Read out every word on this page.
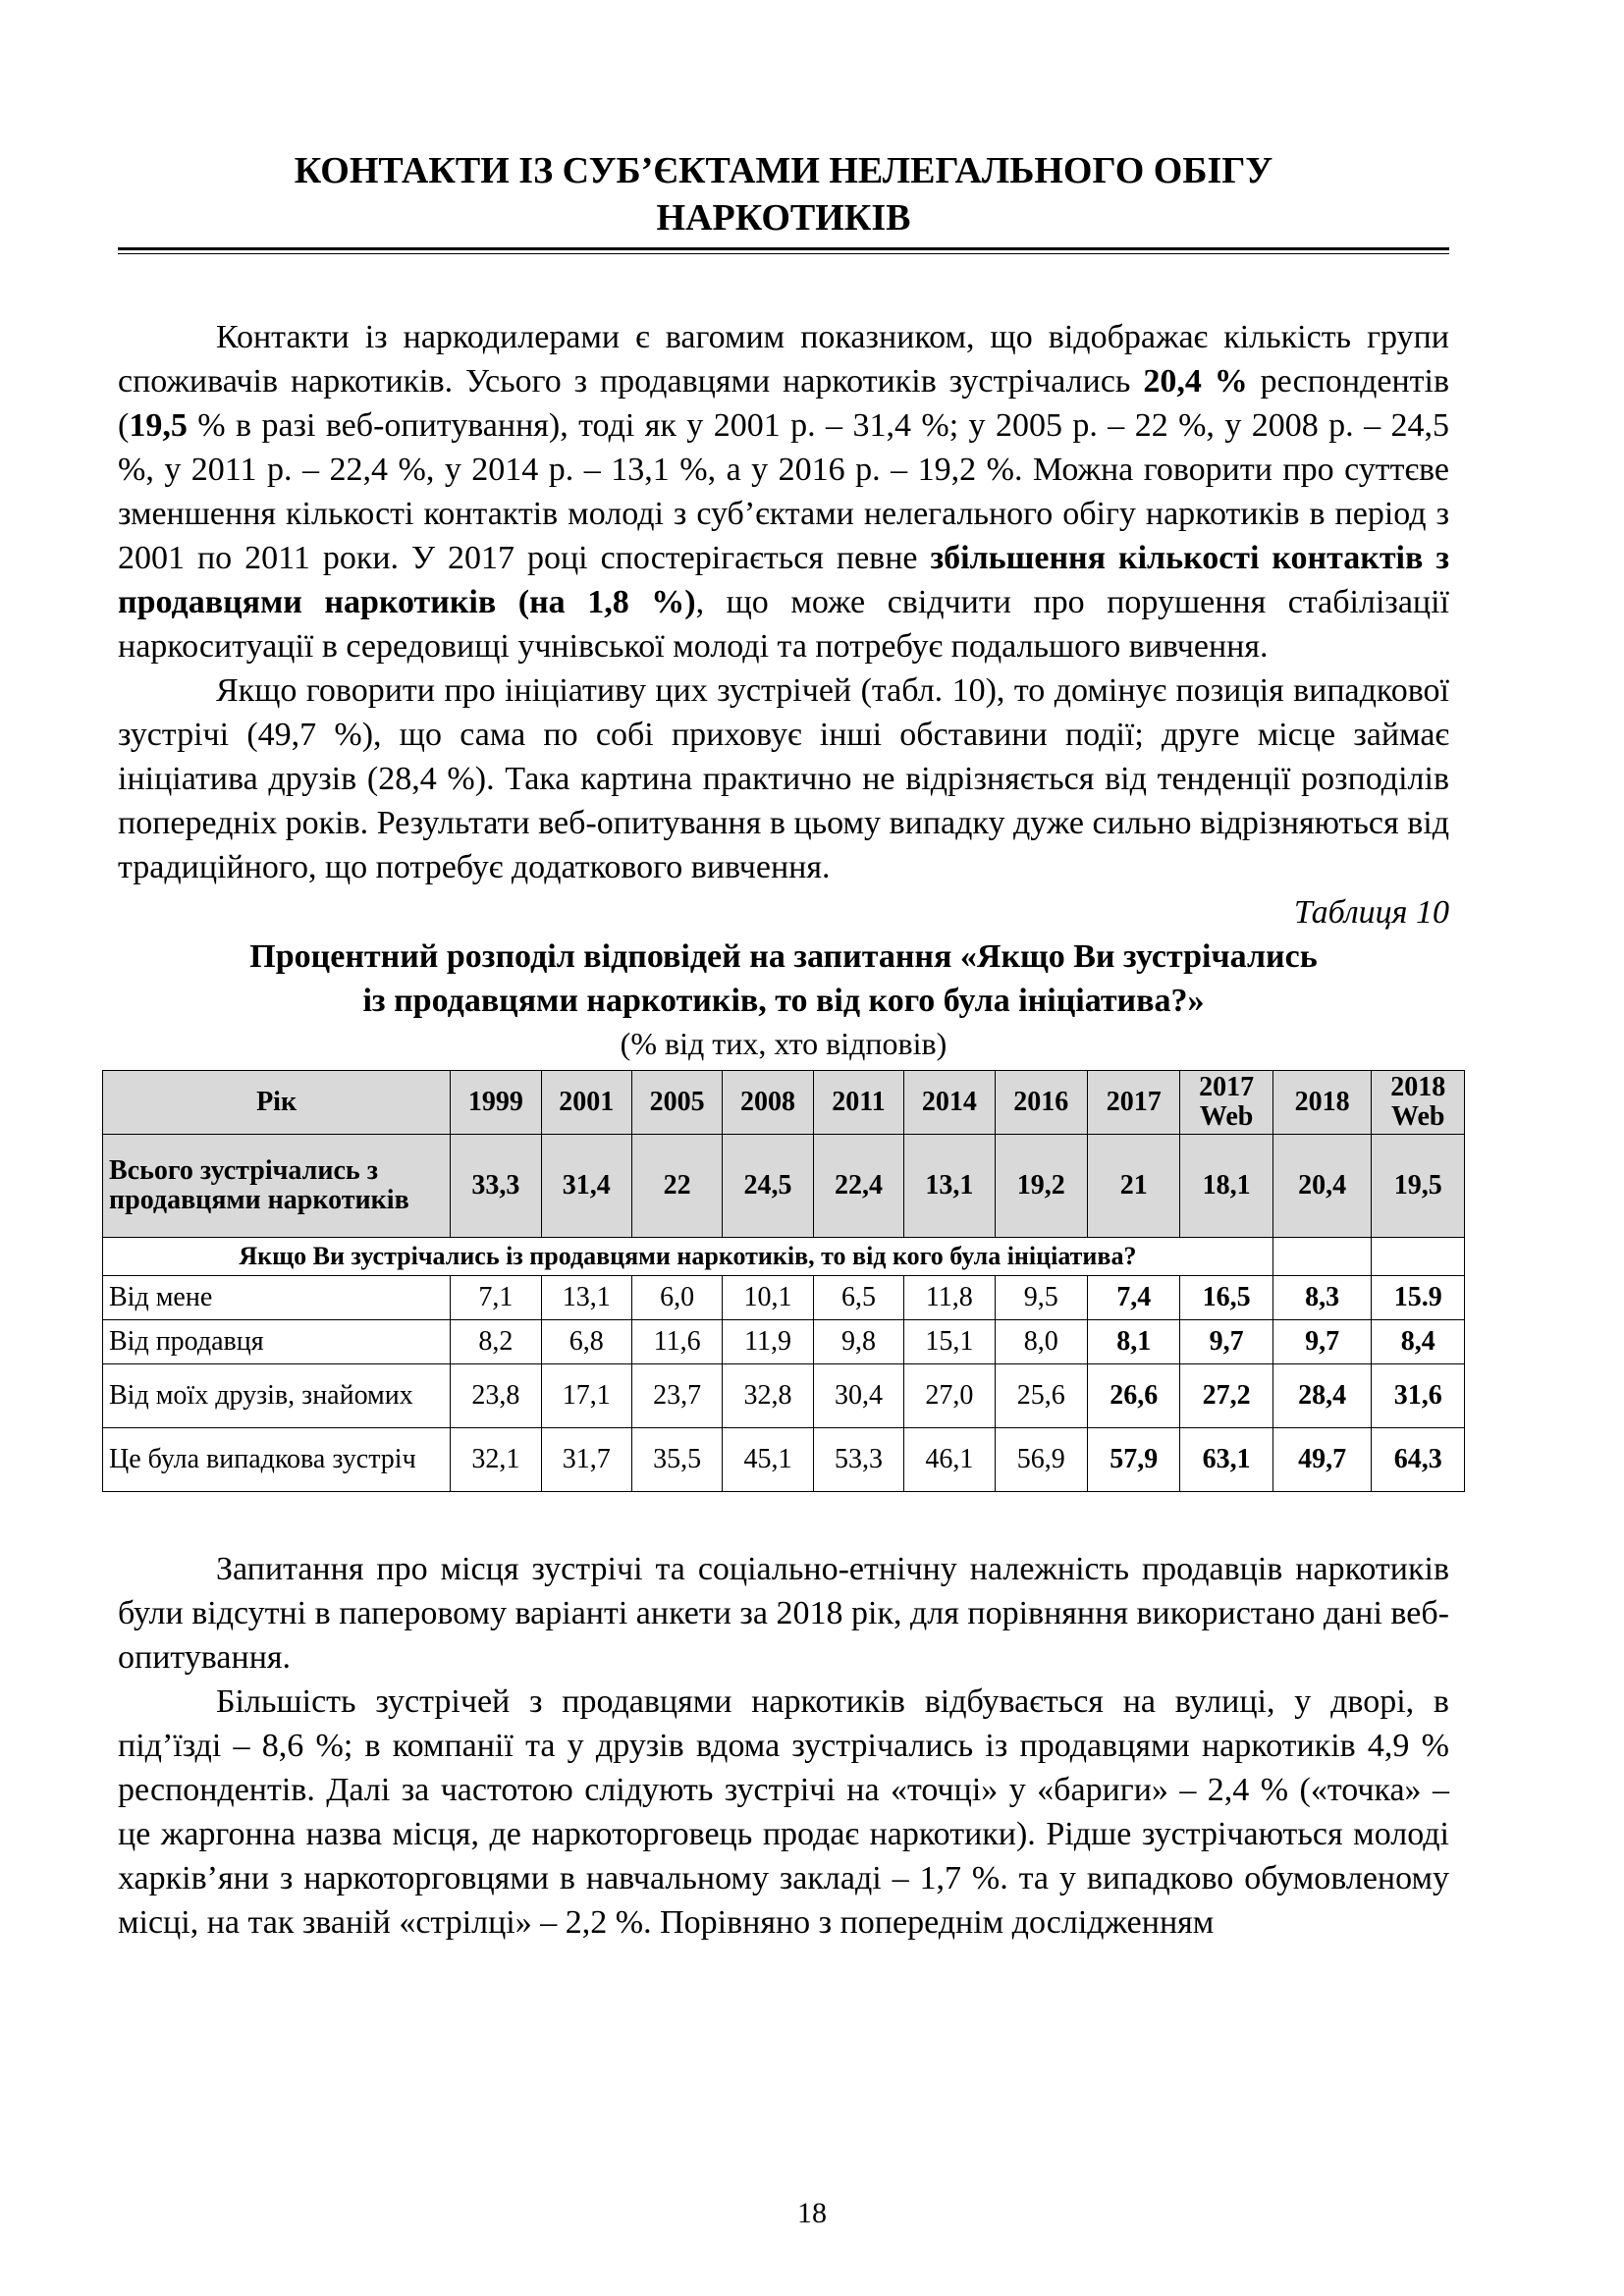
КОНТАКТИ ІЗ СУБ’ЄКТАМИ НЕЛЕГАЛЬНОГО ОБІГУ
НАРКОТИКІВ

Контакти із наркодилерами є вагомим показником, що відображає кількість групи споживачів наркотиків. Усього з продавцями наркотиків зустрічались 20,4 % респондентів (19,5 % в разі веб-опитування), тоді як у 2001 р. – 31,4 %; у 2005 р. – 22 %, у 2008 р. – 24,5 %, у 2011 р. – 22,4 %, у 2014 р. – 13,1 %, а у 2016 р. – 19,2 %. Можна говорити про суттєве зменшення кількості контактів молоді з суб’єктами нелегального обігу наркотиків в період з 2001 по 2011 роки. У 2017 році спостерігається певне збільшення кількості контактів з продавцями наркотиків (на 1,8 %), що може свідчити про порушення стабілізації наркоситуації в середовищі учнівської молоді та потребує подальшого вивчення.

Якщо говорити про ініціативу цих зустрічей (табл. 10), то домінує позиція випадкової зустрічі (49,7 %), що сама по собі приховує інші обставини події; друге місце займає ініціатива друзів (28,4 %). Така картина практично не відрізняється від тенденції розподілів попередніх років. Результати веб-опитування в цьому випадку дуже сильно відрізняються від традиційного, що потребує додаткового вивчення.

Таблиця 10

Процентний розподіл відповідей на запитання «Якщо Ви зустрічались
із продавцями наркотиків, то від кого була ініціатива?»

(% від тих, хто відповів)

Рік	1999	2001	2005	2008	2011	2014	2016	2017	2017 Web	2018	2018 Web
Всього зустрічались з продавцями наркотиків	33,3	31,4	22	24,5	22,4	13,1	19,2	21	18,1	20,4	19,5
Якщо Ви зустрічались із продавцями наркотиків, то від кого була ініціатива?											
Від мене	7,1	13,1	6,0	10,1	6,5	11,8	9,5	7,4	16,5	8,3	15.9
Від продавця	8,2	6,8	11,6	11,9	9,8	15,1	8,0	8,1	9,7	9,7	8,4
Від моїх друзів, знайомих	23,8	17,1	23,7	32,8	30,4	27,0	25,6	26,6	27,2	28,4	31,6
Це була випадкова зустріч	32,1	31,7	35,5	45,1	53,3	46,1	56,9	57,9	63,1	49,7	64,3

Запитання про місця зустрічі та соціально-етнічну належність продавців наркотиків були відсутні в паперовому варіанті анкети за 2018 рік, для порівняння використано дані веб-опитування.

Більшість зустрічей з продавцями наркотиків відбувається на вулиці, у дворі, в під’їзді – 8,6 %; в компанії та у друзів вдома зустрічались із продавцями наркотиків 4,9 % респондентів. Далі за частотою слідують зустрічі на «точці» у «бариги» – 2,4 % («точка» – це жаргонна назва місця, де наркоторговець продає наркотики). Рідше зустрічаються молоді харків’яни з наркоторговцями в навчальному закладі – 1,7 %. та у випадково обумовленому місці, на так званій «стрілці» – 2,2 %. Порівняно з попереднім дослідженням

18
